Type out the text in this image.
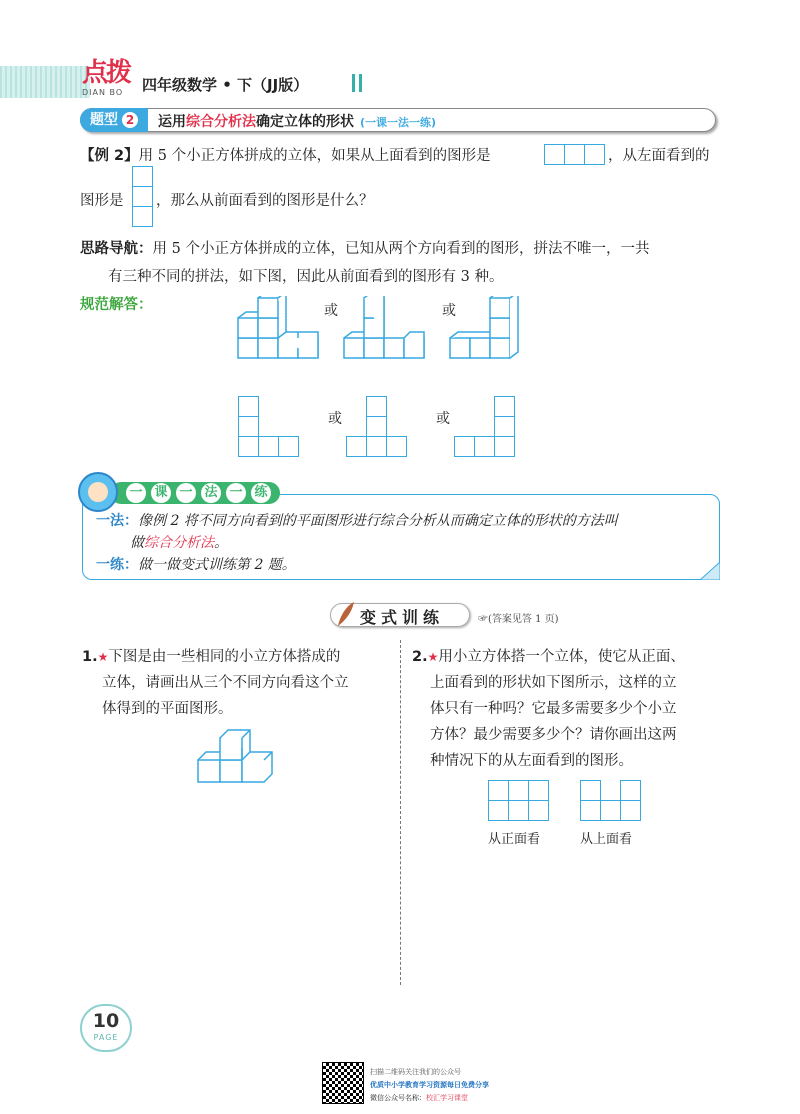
点拨
DIAN BO	四年级数学 • 下（JJ版）
题型 2	运用综合分析法确定立体的形状 (一课一法一练)
【例 2】用 5 个小正方体拼成的立体，如果从上面看到的图形是	，从左面看到的
图形是 ，那么从前面看到的图形是什么？
思路导航：用 5 个小正方体拼成的立体，已知从两个方向看到的图形，拼法不唯一，一共
有三种不同的拼法，如下图，因此从前面看到的图形有 3 种。
规范解答：	或	或
或	或
一 课 一 法 一 练
一法：像例 2 将不同方向看到的平面图形进行综合分析从而确定立体的形状的方法叫
做综合分析法。
一练：做一做变式训练第 2 题。
变式训练	☞(答案见答 1 页)
1.★下图是由一些相同的小立方体搭成的
立体，请画出从三个不同方向看这个立
体得到的平面图形。
2.★用小立方体搭一个立体，使它从正面、
上面看到的形状如下图所示，这样的立
体只有一种吗？它最多需要多少个小立
方体？最少需要多少个？请你画出这两
种情况下的从左面看到的图形。
从正面看	从上面看
10
PAGE
扫描二维码关注我们的公众号
优质中小学教育学习资源每日免费分享
微信公众号名称：校汇学习课堂
